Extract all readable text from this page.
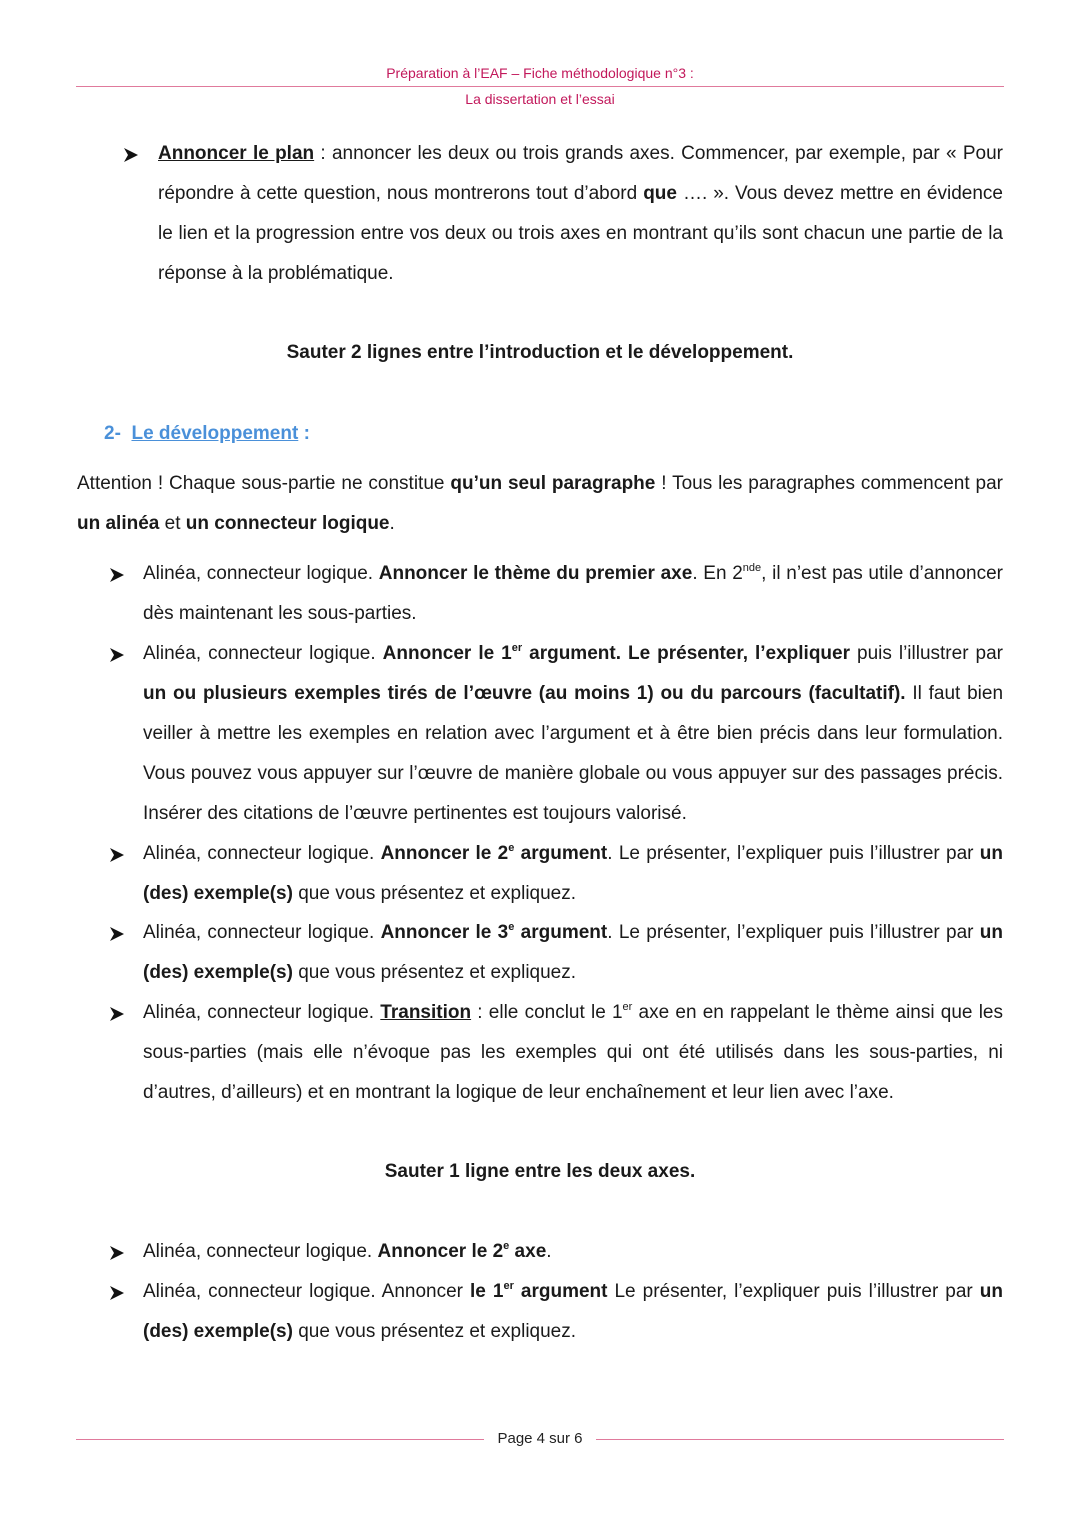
Préparation à l’EAF – Fiche méthodologique n°3 :
La dissertation et l’essai
Annoncer le plan : annoncer les deux ou trois grands axes. Commencer, par exemple, par « Pour répondre à cette question, nous montrerons tout d’abord que …. ». Vous devez mettre en évidence le lien et la progression entre vos deux ou trois axes en montrant qu’ils sont chacun une partie de la réponse à la problématique.
Sauter 2 lignes entre l’introduction et le développement.
2- Le développement :
Attention ! Chaque sous-partie ne constitue qu’un seul paragraphe ! Tous les paragraphes commencent par un alinéa et un connecteur logique.
Alinéa, connecteur logique. Annoncer le thème du premier axe. En 2nde, il n’est pas utile d’annoncer dès maintenant les sous-parties.
Alinéa, connecteur logique. Annoncer le 1er argument. Le présenter, l’expliquer puis l’illustrer par un ou plusieurs exemples tirés de l’œuvre (au moins 1) ou du parcours (facultatif). Il faut bien veiller à mettre les exemples en relation avec l’argument et à être bien précis dans leur formulation. Vous pouvez vous appuyer sur l’œuvre de manière globale ou vous appuyer sur des passages précis. Insérer des citations de l’œuvre pertinentes est toujours valorisé.
Alinéa, connecteur logique. Annoncer le 2e argument. Le présenter, l’expliquer puis l’illustrer par un (des) exemple(s) que vous présentez et expliquez.
Alinéa, connecteur logique. Annoncer le 3e argument. Le présenter, l’expliquer puis l’illustrer par un (des) exemple(s) que vous présentez et expliquez.
Alinéa, connecteur logique. Transition : elle conclut le 1er axe en en rappelant le thème ainsi que les sous-parties (mais elle n’évoque pas les exemples qui ont été utilisés dans les sous-parties, ni d’autres, d’ailleurs) et en montrant la logique de leur enchaînement et leur lien avec l’axe.
Sauter 1 ligne entre les deux axes.
Alinéa, connecteur logique. Annoncer le 2e axe.
Alinéa, connecteur logique. Annoncer le 1er argument Le présenter, l’expliquer puis l’illustrer par un (des) exemple(s) que vous présentez et expliquez.
Page 4 sur 6
